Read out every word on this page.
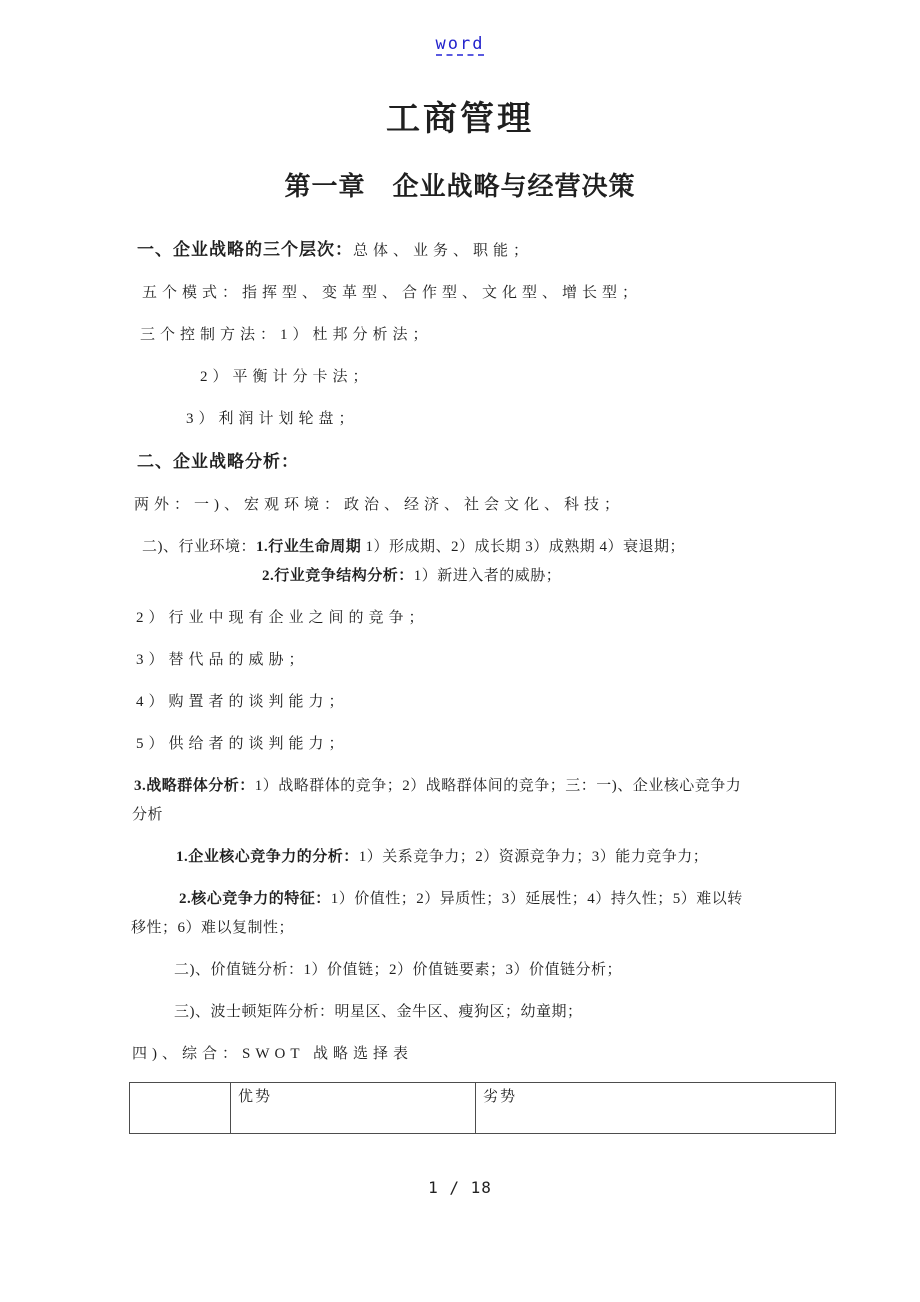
word
工商管理
第一章　企业战略与经营决策
一、企业战略的三个层次：总体、业务、职能；
五个模式：指挥型、变革型、合作型、文化型、增长型；
三个控制方法：1）杜邦分析法；
2）平衡计分卡法；
3）利润计划轮盘；
二、企业战略分析：
两外：一)、宏观环境：政治、经济、社会文化、科技；
二)、行业环境：1.行业生命周期 1）形成期、2）成长期 3）成熟期 4）衰退期；
2.行业竞争结构分析：1）新进入者的威胁；
2）行业中现有企业之间的竞争；
3）替代品的威胁；
4）购置者的谈判能力；
5）供给者的谈判能力；
3.战略群体分析：1）战略群体的竞争；2）战略群体间的竞争；三：一)、企业核心竞争力
分析
1.企业核心竞争力的分析：1）关系竞争力；2）资源竞争力；3）能力竞争力；
2.核心竞争力的特征：1）价值性；2）异质性；3）延展性；4）持久性；5）难以转
移性；6）难以复制性；
二)、价值链分析：1）价值链；2）价值链要素；3）价值链分析；
三)、波士顿矩阵分析：明星区、金牛区、瘦狗区；幼童期；
四)、综合：SWOT 战略选择表
	优势	劣势
1 / 18
